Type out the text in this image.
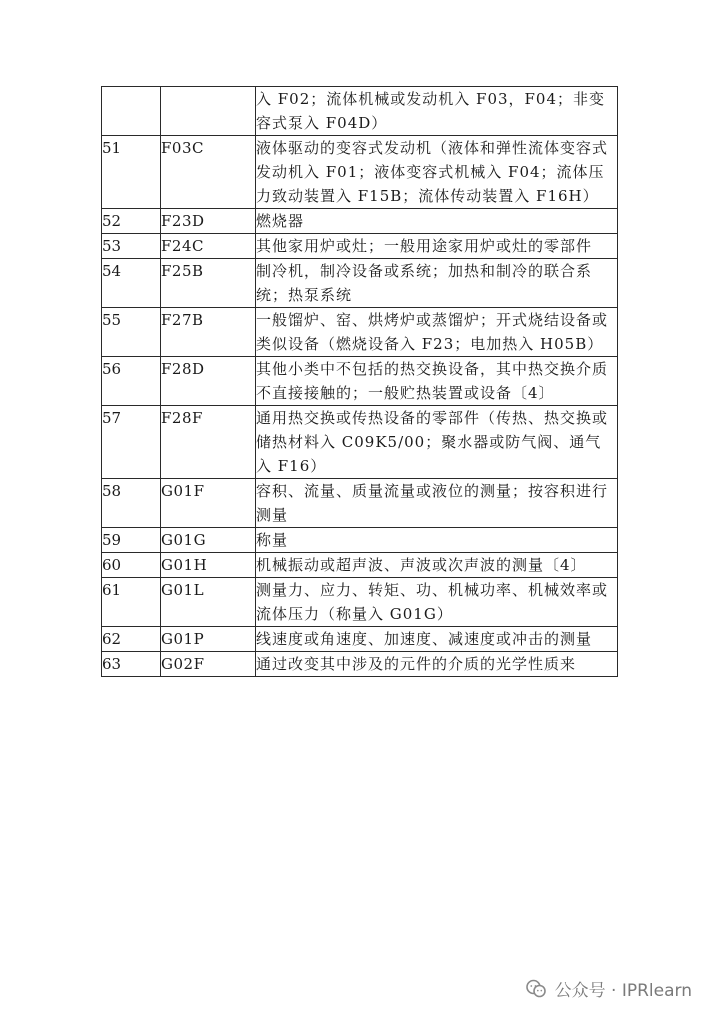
		入 F02；流体机械或发动机入 F03，F04；非变容式泵入 F04D）
51	F03C	液体驱动的变容式发动机（液体和弹性流体变容式发动机入 F01；液体变容式机械入 F04；流体压力致动装置入 F15B；流体传动装置入 F16H）
52	F23D	燃烧器
53	F24C	其他家用炉或灶；一般用途家用炉或灶的零部件
54	F25B	制冷机，制冷设备或系统；加热和制冷的联合系统；热泵系统
55	F27B	一般馏炉、窑、烘烤炉或蒸馏炉；开式烧结设备或类似设备（燃烧设备入 F23；电加热入 H05B）
56	F28D	其他小类中不包括的热交换设备，其中热交换介质不直接接触的；一般贮热装置或设备〔4〕
57	F28F	通用热交换或传热设备的零部件（传热、热交换或储热材料入 C09K5/00；聚水器或防气阀、通气入 F16）
58	G01F	容积、流量、质量流量或液位的测量；按容积进行测量
59	G01G	称量
60	G01H	机械振动或超声波、声波或次声波的测量〔4〕
61	G01L	测量力、应力、转矩、功、机械功率、机械效率或流体压力（称量入 G01G）
62	G01P	线速度或角速度、加速度、减速度或冲击的测量
63	G02F	通过改变其中涉及的元件的介质的光学性质来
公众号 · IPRlearn
